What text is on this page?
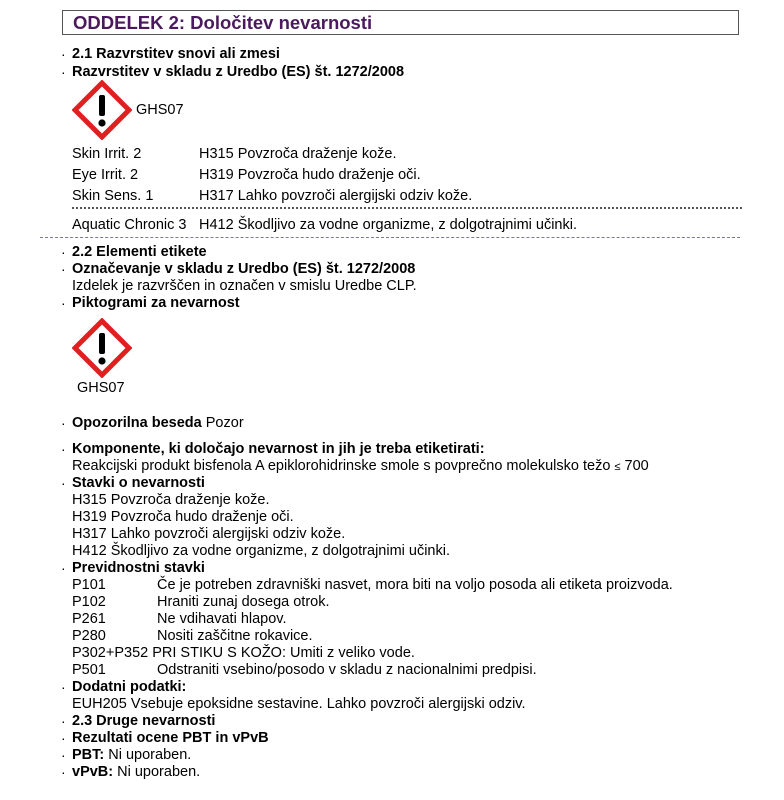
ODDELEK 2: Določitev nevarnosti
· 2.1 Razvrstitev snovi ali zmesi
· Razvrstitev v skladu z Uredbo (ES) št. 1272/2008
GHS07
Skin Irrit. 2	H315 Povzroča draženje kože.
Eye Irrit. 2	H319 Povzroča hudo draženje oči.
Skin Sens. 1	H317 Lahko povzroči alergijski odziv kože.
Aquatic Chronic 3 H412 Škodljivo za vodne organizme, z dolgotrajnimi učinki.
· 2.2 Elementi etikete
· Označevanje v skladu z Uredbo (ES) št. 1272/2008
Izdelek je razvrščen in označen v smislu Uredbe CLP.
· Piktogrami za nevarnost
GHS07
· Opozorilna beseda Pozor
· Komponente, ki določajo nevarnost in jih je treba etiketirati:
Reakcijski produkt bisfenola A epiklorohidrinske smole s povprečno molekulsko težo ≤ 700
· Stavki o nevarnosti
H315 Povzroča draženje kože.
H319 Povzroča hudo draženje oči.
H317 Lahko povzroči alergijski odziv kože.
H412 Škodljivo za vodne organizme, z dolgotrajnimi učinki.
· Previdnostni stavki
P101	Če je potreben zdravniški nasvet, mora biti na voljo posoda ali etiketa proizvoda.
P102	Hraniti zunaj dosega otrok.
P261	Ne vdihavati hlapov.
P280	Nositi zaščitne rokavice.
P302+P352 PRI STIKU S KOŽO: Umiti z veliko vode.
P501	Odstraniti vsebino/posodo v skladu z nacionalnimi predpisi.
· Dodatni podatki:
EUH205 Vsebuje epoksidne sestavine. Lahko povzroči alergijski odziv.
· 2.3 Druge nevarnosti
· Rezultati ocene PBT in vPvB
· PBT: Ni uporaben.
· vPvB: Ni uporaben.
